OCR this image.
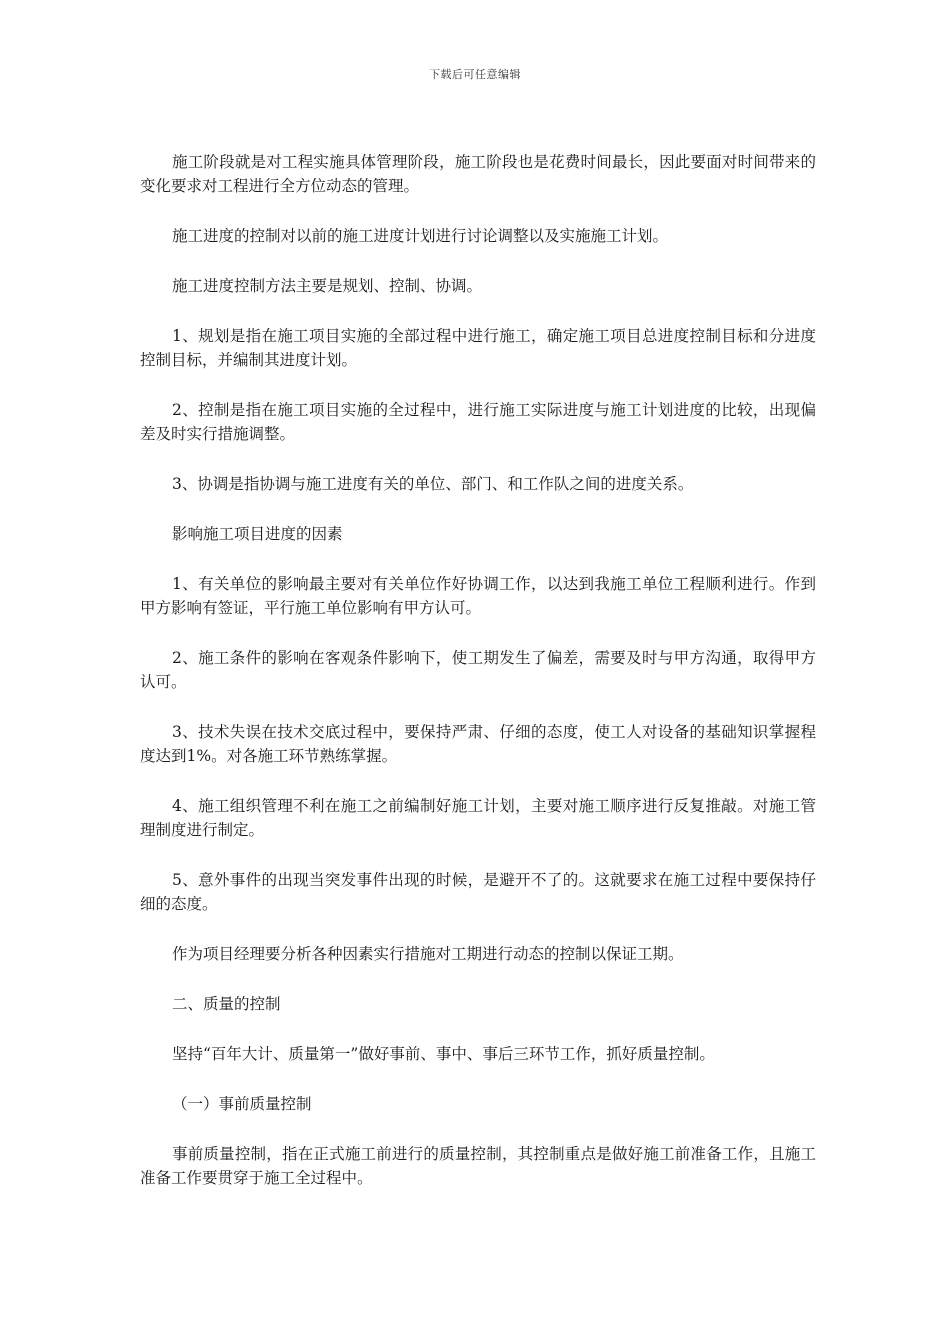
下载后可任意编辑

施工阶段就是对工程实施具体管理阶段，施工阶段也是花费时间最长，因此要面对时间带来的变化要求对工程进行全方位动态的管理。

施工进度的控制对以前的施工进度计划进行讨论调整以及实施施工计划。

施工进度控制方法主要是规划、控制、协调。

1、规划是指在施工项目实施的全部过程中进行施工，确定施工项目总进度控制目标和分进度控制目标，并编制其进度计划。

2、控制是指在施工项目实施的全过程中，进行施工实际进度与施工计划进度的比较，出现偏差及时实行措施调整。

3、协调是指协调与施工进度有关的单位、部门、和工作队之间的进度关系。

影响施工项目进度的因素

1、有关单位的影响最主要对有关单位作好协调工作，以达到我施工单位工程顺利进行。作到甲方影响有签证，平行施工单位影响有甲方认可。

2、施工条件的影响在客观条件影响下，使工期发生了偏差，需要及时与甲方沟通，取得甲方认可。

3、技术失误在技术交底过程中，要保持严肃、仔细的态度，使工人对设备的基础知识掌握程度达到1%。对各施工环节熟练掌握。

4、施工组织管理不利在施工之前编制好施工计划，主要对施工顺序进行反复推敲。对施工管理制度进行制定。

5、意外事件的出现当突发事件出现的时候，是避开不了的。这就要求在施工过程中要保持仔细的态度。

作为项目经理要分析各种因素实行措施对工期进行动态的控制以保证工期。

二、质量的控制

坚持“百年大计、质量第一”做好事前、事中、事后三环节工作，抓好质量控制。

（一）事前质量控制

事前质量控制，指在正式施工前进行的质量控制，其控制重点是做好施工前准备工作，且施工准备工作要贯穿于施工全过程中。
